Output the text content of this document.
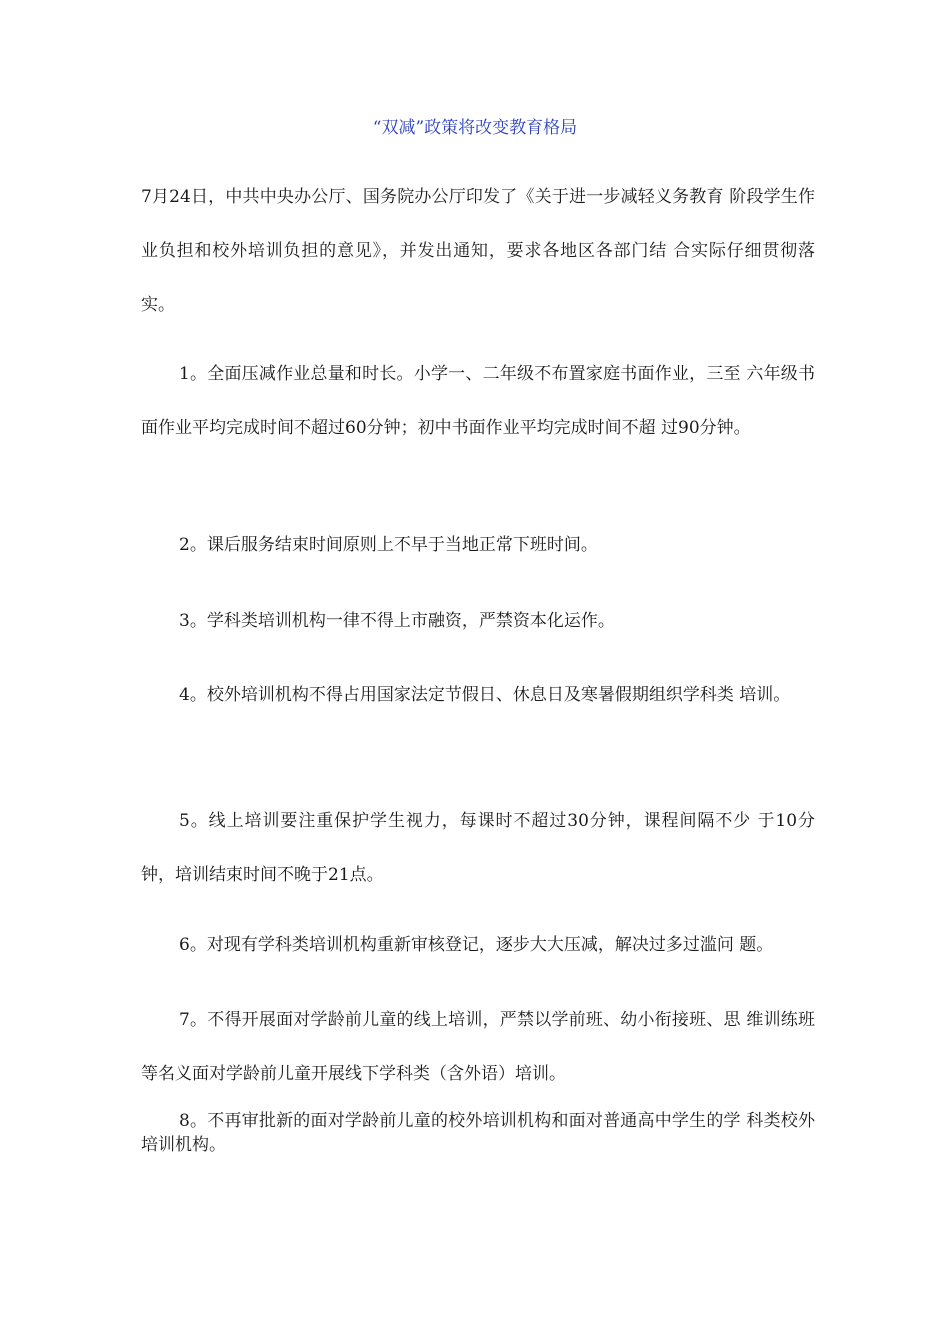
“双减”政策将改变教育格局

7月24日，中共中央办公厅、国务院办公厅印发了《关于进一步减轻义务教育 阶段学生作业负担和校外培训负担的意见》，并发出通知，要求各地区各部门结 合实际仔细贯彻落实。

1。全面压减作业总量和时长。小学一、二年级不布置家庭书面作业，三至 六年级书面作业平均完成时间不超过60分钟；初中书面作业平均完成时间不超 过90分钟。

2。课后服务结束时间原则上不早于当地正常下班时间。

3。学科类培训机构一律不得上市融资，严禁资本化运作。

4。校外培训机构不得占用国家法定节假日、休息日及寒暑假期组织学科类 培训。

5。线上培训要注重保护学生视力，每课时不超过30分钟，课程间隔不少 于10分钟，培训结束时间不晚于21点。

6。对现有学科类培训机构重新审核登记，逐步大大压减，解决过多过滥问 题。

7。不得开展面对学龄前儿童的线上培训，严禁以学前班、幼小衔接班、思 维训练班等名义面对学龄前儿童开展线下学科类（含外语）培训。

8。不再审批新的面对学龄前儿童的校外培训机构和面对普通高中学生的学 科类校外培训机构。
